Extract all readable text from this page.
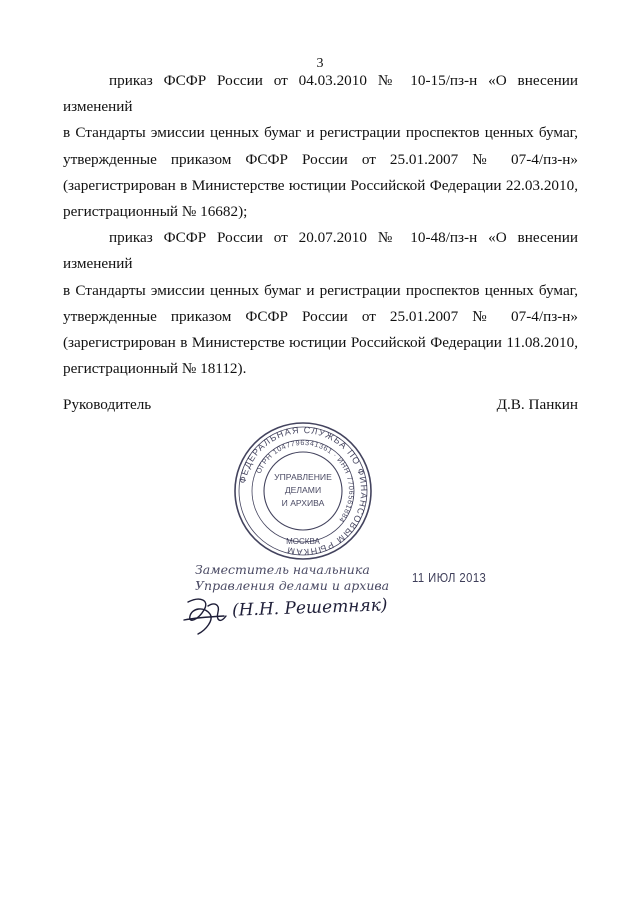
3
приказ ФСФР России от 04.03.2010 № 10-15/пз-н «О внесении изменений
в Стандарты эмиссии ценных бумаг и регистрации проспектов ценных бумаг,
утвержденные приказом ФСФР России от 25.01.2007 № 07-4/пз-н»
(зарегистрирован в Министерстве юстиции Российской Федерации 22.03.2010,
регистрационный № 16682);
приказ ФСФР России от 20.07.2010 № 10-48/пз-н «О внесении изменений
в Стандарты эмиссии ценных бумаг и регистрации проспектов ценных бумаг,
утвержденные приказом ФСФР России от 25.01.2007 № 07-4/пз-н»
(зарегистрирован в Министерстве юстиции Российской Федерации 11.08.2010,
регистрационный № 18112).
Руководитель	Д.В. Панкин
ФЕДЕРАЛЬНАЯ СЛУЖБА ПО ФИНАНСОВЫМ РЫНКАМ
ОГРН 1047796341361 · ИНН 7706561884
МОСКВА
УПРАВЛЕНИЕ
ДЕЛАМИ
И АРХИВА
Заместитель начальника
Управления делами и архива 11 ИЮЛ 2013
(Н.Н. Решетняк)
